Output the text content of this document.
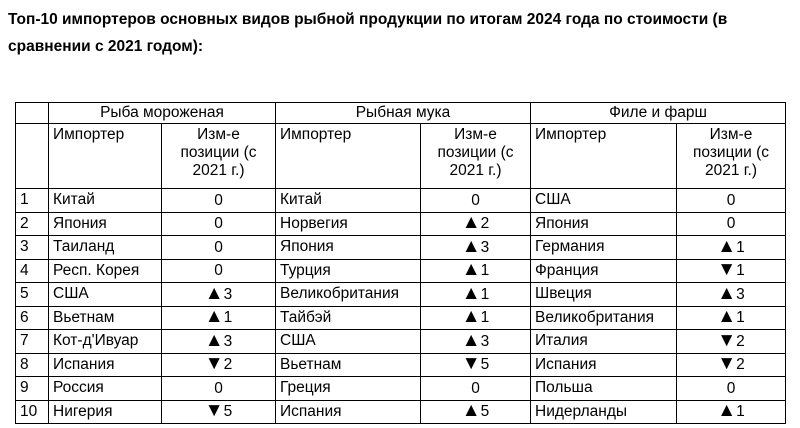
Топ-10 импортеров основных видов рыбной продукции по итогам 2024 года по стоимости (в сравнении с 2021 годом):

	Рыба мороженая		Рыбная мука		Филе и фарш	
	Импортер	Изм-е позиции (с 2021 г.)	Импортер	Изм-е позиции (с 2021 г.)	Импортер	Изм-е позиции (с 2021 г.)
1	Китай	0	Китай	0	США	0
2	Япония	0	Норвегия	▲2	Япония	0
3	Таиланд	0	Япония	▲3	Германия	▲1
4	Респ. Корея	0	Турция	▲1	Франция	▼1
5	США	▲3	Великобритания	▲1	Швеция	▲3
6	Вьетнам	▲1	Тайбэй	▲1	Великобритания	▲1
7	Кот-д'Ивуар	▲3	США	▲3	Италия	▼2
8	Испания	▼2	Вьетнам	▼5	Испания	▼2
9	Россия	0	Греция	0	Польша	0
10	Нигерия	▼5	Испания	▲5	Нидерланды	▲1
